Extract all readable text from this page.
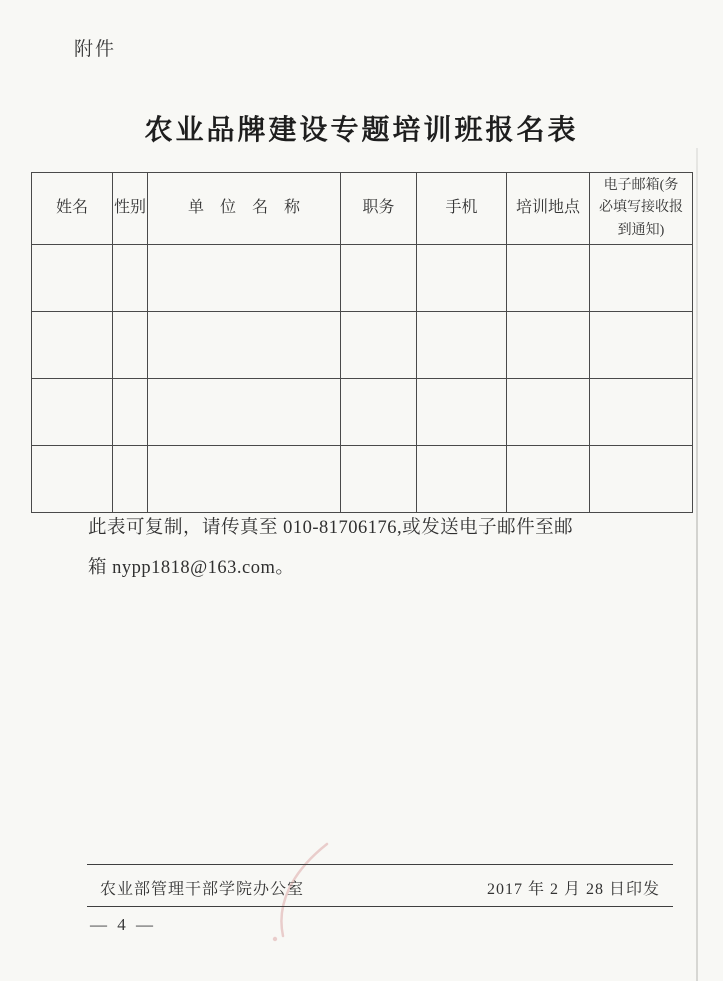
附件
农业品牌建设专题培训班报名表
姓名	性别	单　位　名　称	职务	手机	培训地点	电子邮箱(务必填写接收报到通知)

此表可复制，请传真至 010-81706176,或发送电子邮件至邮
箱 nypp1818@163.com。
农业部管理干部学院办公室	2017 年 2 月 28 日印发
— 4 —
